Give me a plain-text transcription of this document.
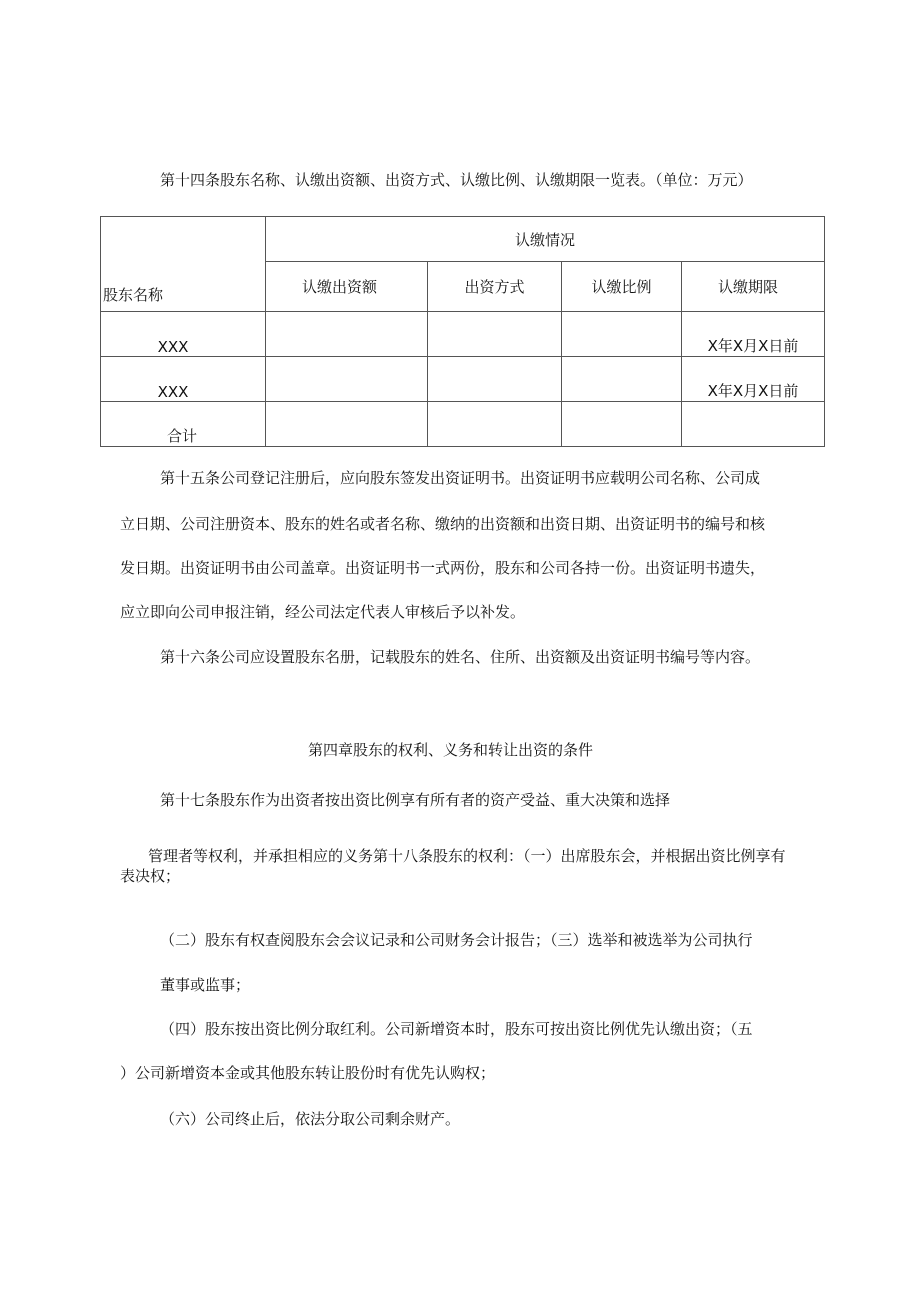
第十四条股东名称、认缴出资额、出资方式、认缴比例、认缴期限一览表。（单位：万元）
股东名称	认缴情况			
	认缴出资额	出资方式	认缴比例	认缴期限
XXX				X年X月X日前
XXX				X年X月X日前
合计				
第十五条公司登记注册后，应向股东签发出资证明书。出资证明书应载明公司名称、公司成
立日期、公司注册资本、股东的姓名或者名称、缴纳的出资额和出资日期、出资证明书的编号和核
发日期。出资证明书由公司盖章。出资证明书一式两份，股东和公司各持一份。出资证明书遗失，
应立即向公司申报注销，经公司法定代表人审核后予以补发。
第十六条公司应设置股东名册，记载股东的姓名、住所、出资额及出资证明书编号等内容。
第四章股东的权利、义务和转让出资的条件
第十七条股东作为出资者按出资比例享有所有者的资产受益、重大决策和选择
管理者等权利，并承担相应的义务第十八条股东的权利：（一）出席股东会，并根据出资比例享有
表决权；
（二）股东有权查阅股东会会议记录和公司财务会计报告；（三）选举和被选举为公司执行
董事或监事；
（四）股东按出资比例分取红利。公司新增资本时，股东可按出资比例优先认缴出资；（五
）公司新增资本金或其他股东转让股份时有优先认购权；
（六）公司终止后，依法分取公司剩余财产。
